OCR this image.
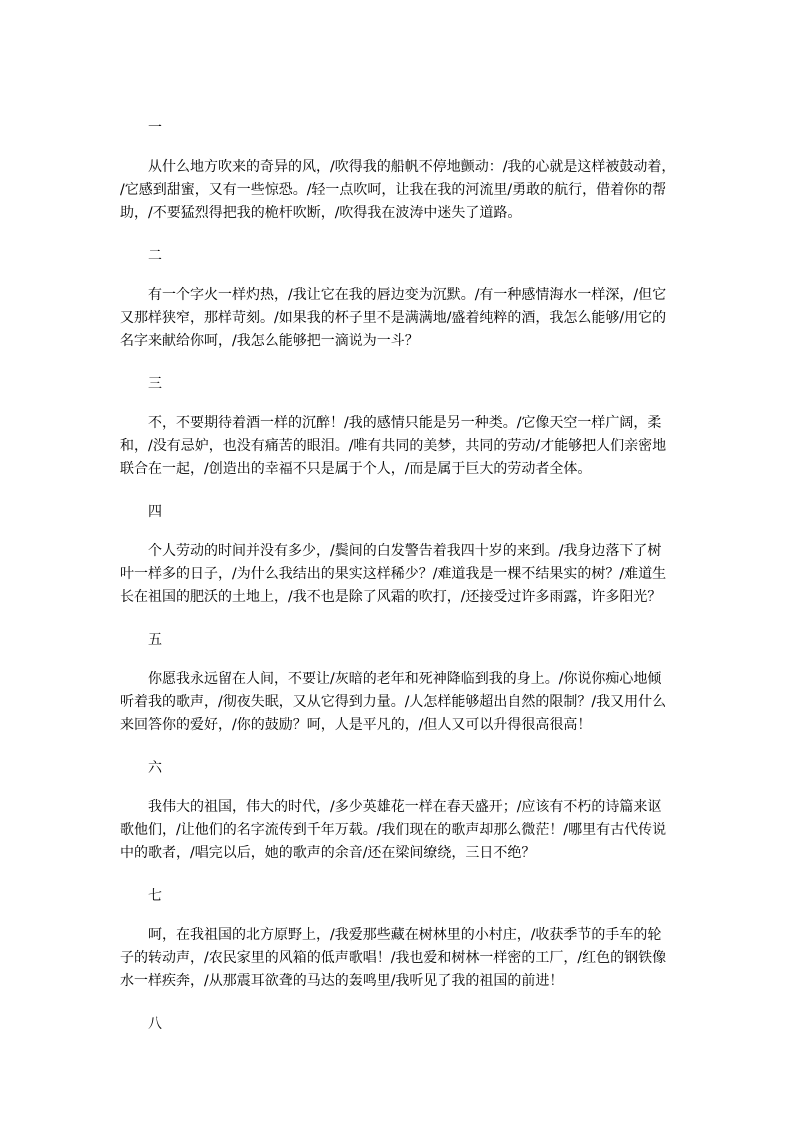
一
从什么地方吹来的奇异的风，/吹得我的船帆不停地颤动：/我的心就是这样被鼓动着，
/它感到甜蜜，又有一些惊恐。/轻一点吹呵，让我在我的河流里/勇敢的航行，借着你的帮
助，/不要猛烈得把我的桅杆吹断，/吹得我在波涛中迷失了道路。
二
有一个字火一样灼热，/我让它在我的唇边变为沉默。/有一种感情海水一样深，/但它
又那样狭窄，那样苛刻。/如果我的杯子里不是满满地/盛着纯粹的酒，我怎么能够/用它的
名字来献给你呵，/我怎么能够把一滴说为一斗？
三
不，不要期待着酒一样的沉醉！/我的感情只能是另一种类。/它像天空一样广阔，柔
和，/没有忌妒，也没有痛苦的眼泪。/唯有共同的美梦，共同的劳动/才能够把人们亲密地
联合在一起，/创造出的幸福不只是属于个人，/而是属于巨大的劳动者全体。
四
个人劳动的时间并没有多少，/鬓间的白发警告着我四十岁的来到。/我身边落下了树
叶一样多的日子，/为什么我结出的果实这样稀少？/难道我是一棵不结果实的树？/难道生
长在祖国的肥沃的土地上，/我不也是除了风霜的吹打，/还接受过许多雨露，许多阳光？
五
你愿我永远留在人间，不要让/灰暗的老年和死神降临到我的身上。/你说你痴心地倾
听着我的歌声，/彻夜失眠，又从它得到力量。/人怎样能够超出自然的限制？/我又用什么
来回答你的爱好，/你的鼓励？呵，人是平凡的，/但人又可以升得很高很高！
六
我伟大的祖国，伟大的时代，/多少英雄花一样在春天盛开；/应该有不朽的诗篇来讴
歌他们，/让他们的名字流传到千年万载。/我们现在的歌声却那么微茫！/哪里有古代传说
中的歌者，/唱完以后，她的歌声的余音/还在梁间缭绕，三日不绝？
七
呵，在我祖国的北方原野上，/我爱那些藏在树林里的小村庄，/收获季节的手车的轮
子的转动声，/农民家里的风箱的低声歌唱！/我也爱和树林一样密的工厂，/红色的钢铁像
水一样疾奔，/从那震耳欲聋的马达的轰鸣里/我听见了我的祖国的前进！
八
